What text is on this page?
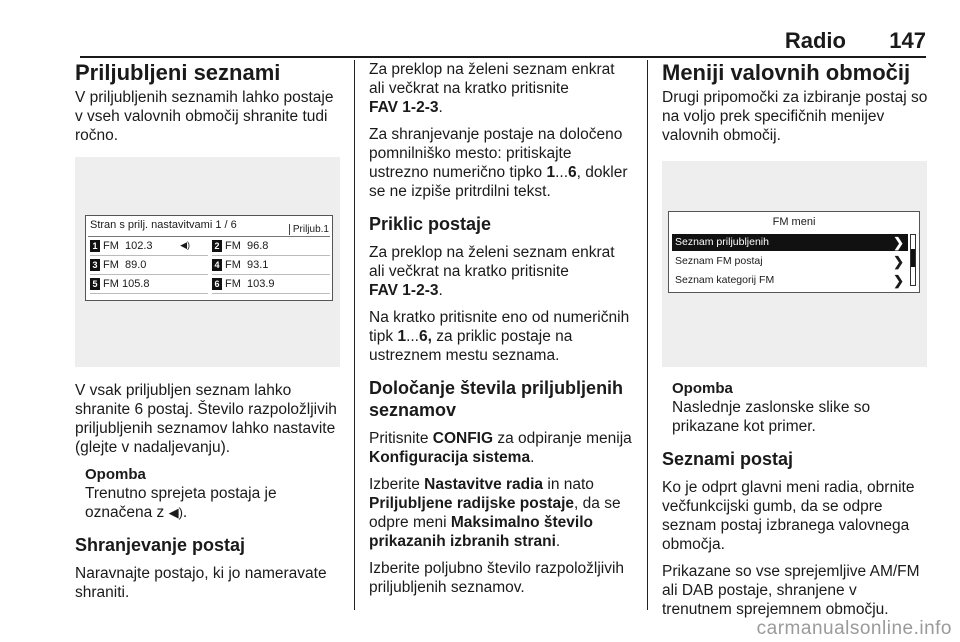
Radio 147
Priljubljeni seznami

V priljubljenih seznamih lahko postaje v vseh valovnih območij shranite tudi ročno.

Stran s prilj. nastavitvami 1 / 6	Priljub.1
1 FM 102.3	◀)	2 FM 96.8
3 FM 89.0	4 FM 93.1
5 FM 105.8	6 FM 103.9

V vsak priljubljen seznam lahko shranite 6 postaj. Število razpoložljivih priljubljenih seznamov lahko nastavite (glejte v nadaljevanju).

Opomba

Trenutno sprejeta postaja je označena z ◀).

Shranjevanje postaj

Naravnajte postajo, ki jo nameravate shraniti.

Za preklop na želeni seznam enkrat ali večkrat na kratko pritisnite
FAV 1-2-3.

Za shranjevanje postaje na določeno pomnilniško mesto: pritiskajte ustrezno numerično tipko 1...6, dokler se ne izpiše pritrdilni tekst.

Priklic postaje

Za preklop na želeni seznam enkrat ali večkrat na kratko pritisnite
FAV 1-2-3.

Na kratko pritisnite eno od numeričnih tipk 1...6, za priklic postaje na ustreznem mestu seznama.

Določanje števila priljubljenih seznamov

Pritisnite CONFIG za odpiranje menija Konfiguracija sistema.

Izberite Nastavitve radia in nato Priljubljene radijske postaje, da se odpre meni Maksimalno število prikazanih izbranih strani.

Izberite poljubno število razpoložljivih priljubljenih seznamov.

Meniji valovnih območij

Drugi pripomočki za izbiranje postaj so na voljo prek specifičnih menijev valovnih območij.

FM meni
Seznam priljubljenih	❯
Seznam FM postaj	❯
Seznam kategorij FM	❯
Opomba

Naslednje zaslonske slike so prikazane kot primer.

Seznami postaj

Ko je odprt glavni meni radia, obrnite večfunkcijski gumb, da se odpre seznam postaj izbranega valovnega območja.

Prikazane so vse sprejemljive AM/FM ali DAB postaje, shranjene v trenutnem sprejemnem območju.

carmanualsonline.info
